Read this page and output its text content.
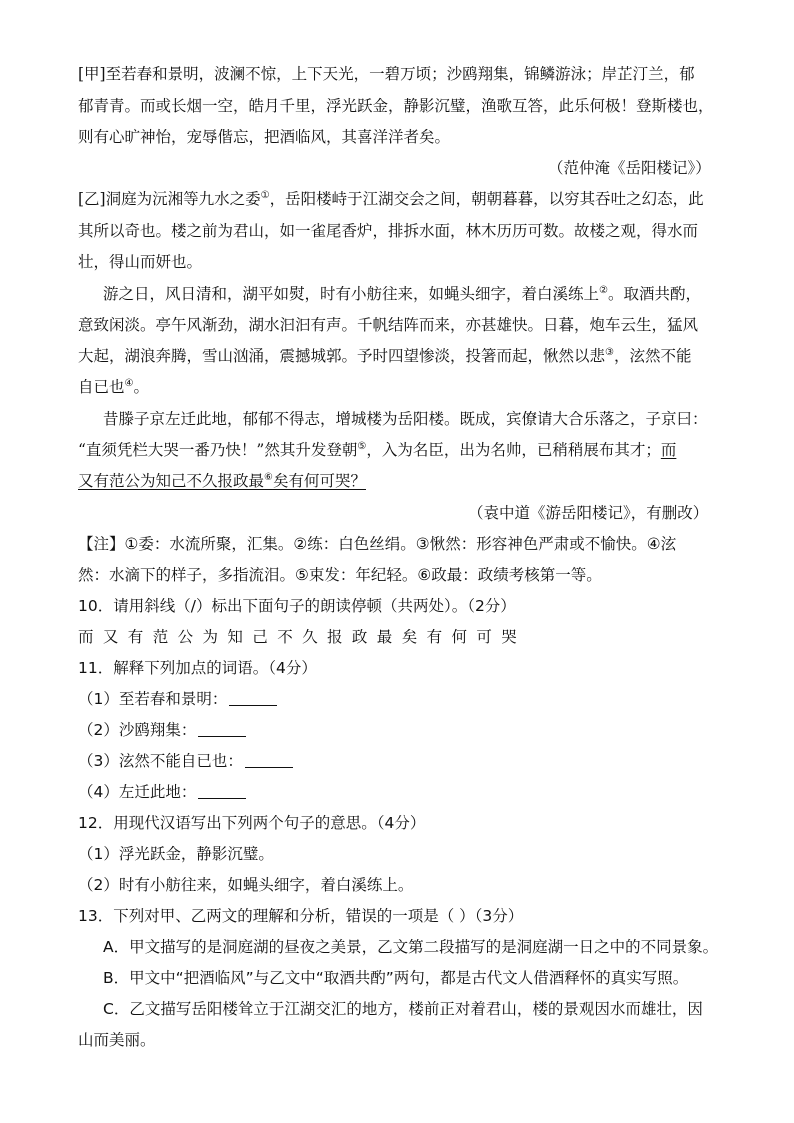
[甲]至若春和景明，波澜不惊，上下天光，一碧万顷；沙鸥翔集，锦鳞游泳；岸芷汀兰，郁
郁青青。而或长烟一空，皓月千里，浮光跃金，静影沉璧，渔歌互答，此乐何极！登斯楼也，
则有心旷神怡，宠辱偕忘，把酒临风，其喜洋洋者矣。
（范仲淹《岳阳楼记》）
[乙]洞庭为沅湘等九水之委①，岳阳楼峙于江湖交会之间，朝朝暮暮，以穷其吞吐之幻态，此
其所以奇也。楼之前为君山，如一雀尾香炉，排拆水面，林木历历可数。故楼之观，得水而
壮，得山而妍也。
游之日，风日清和，湖平如熨，时有小舫往来，如蝇头细字，着白溪练上②。取酒共酌，
意致闲淡。亭午风渐劲，湖水汩汩有声。千帆结阵而来，亦甚雄快。日暮，炮车云生，猛风
大起，湖浪奔腾，雪山汹涌，震撼城郭。予时四望惨淡，投箸而起，愀然以悲③，泫然不能
自已也④。
昔滕子京左迁此地，郁郁不得志，增城楼为岳阳楼。既成，宾僚请大合乐落之，子京曰：
“直须凭栏大哭一番乃快！”然其升发登朝⑤，入为名臣，出为名帅，已稍稍展布其才；而
又有范公为知己不久报政最⑥矣有何可哭？
（袁中道《游岳阳楼记》，有删改）
【注】①委：水流所聚，汇集。②练：白色丝绢。③愀然：形容神色严肃或不愉快。④泫
然：水滴下的样子，多指流泪。⑤束发：年纪轻。⑥政最：政绩考核第一等。
10．请用斜线（/）标出下面句子的朗读停顿（共两处）。（2分）
而又有范公为知己不久报政最矣有何可哭
11．解释下列加点的词语。（4分）
（1）至若春和景明：
（2）沙鸥翔集：
（3）泫然不能自已也：
（4）左迁此地：
12．用现代汉语写出下列两个句子的意思。（4分）
（1）浮光跃金，静影沉璧。
（2）时有小舫往来，如蝇头细字，着白溪练上。
13．下列对甲、乙两文的理解和分析，错误的一项是（ ）（3分）
A．甲文描写的是洞庭湖的昼夜之美景，乙文第二段描写的是洞庭湖一日之中的不同景象。
B．甲文中“把酒临风”与乙文中“取酒共酌”两句，都是古代文人借酒释怀的真实写照。
C．乙文描写岳阳楼耸立于江湖交汇的地方，楼前正对着君山，楼的景观因水而雄壮，因
山而美丽。
